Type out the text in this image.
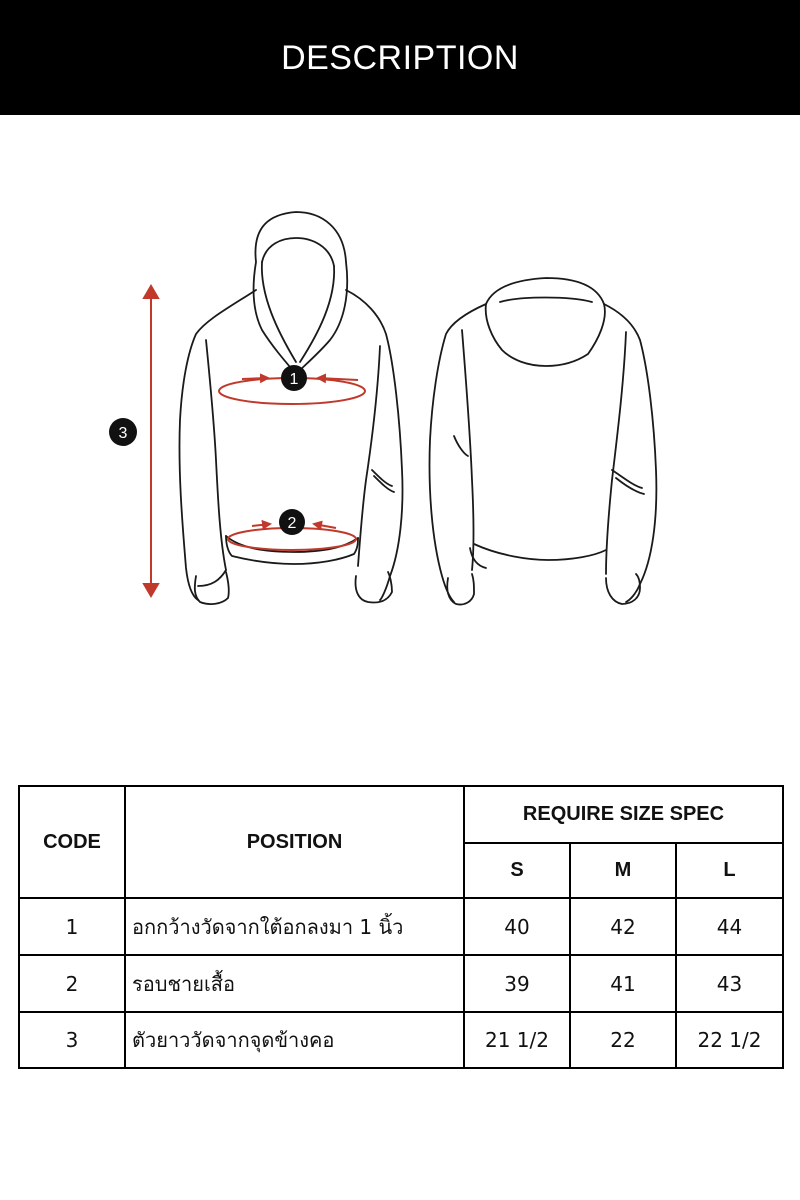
DESCRIPTION
1
2
3
CODE	POSITION	REQUIRE SIZE SPEC		
		S	M	L
1	อกกว้างวัดจากใต้อกลงมา 1 นิ้ว	40	42	44
2	รอบชายเสื้อ	39	41	43
3	ตัวยาววัดจากจุดข้างคอ	21 1/2	22	22 1/2
